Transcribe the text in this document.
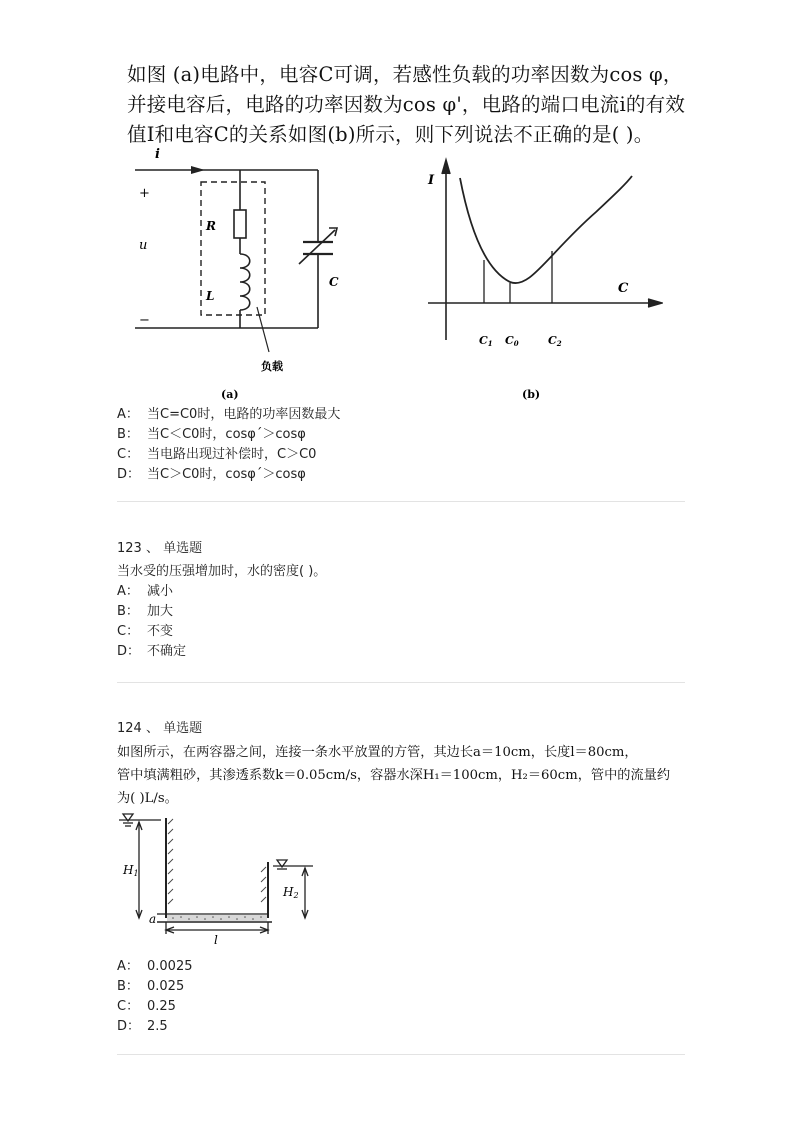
如图 (a)电路中，电容C可调，若感性负载的功率因数为cos φ，
并接电容后，电路的功率因数为cos φ'，电路的端口电流i的有效
值I和电容C的关系如图(b)所示，则下列说法不正确的是( )。
i
+
u
−
R
L
C
负载
(a)
I
C
C1 C0	C2
(b)
A： 当C=C0时，电路的功率因数最大
B： 当C＜C0时，cosφ´＞cosφ
C： 当电路出现过补偿时，C＞C0
D： 当C＞C0时，cosφ´＞cosφ
123 、 单选题
当水受的压强增加时，水的密度( )。
A： 减小
B： 加大
C： 不变
D： 不确定
124 、 单选题
如图所示，在两容器之间，连接一条水平放置的方管，其边长a＝10cm，长度l＝80cm，
管中填满粗砂，其渗透系数k＝0.05cm/s，容器水深H₁＝100cm，H₂＝60cm，管中的流量约
为( )L/s。
H1
H2
a
l
A： 0.0025
B： 0.025
C： 0.25
D： 2.5
